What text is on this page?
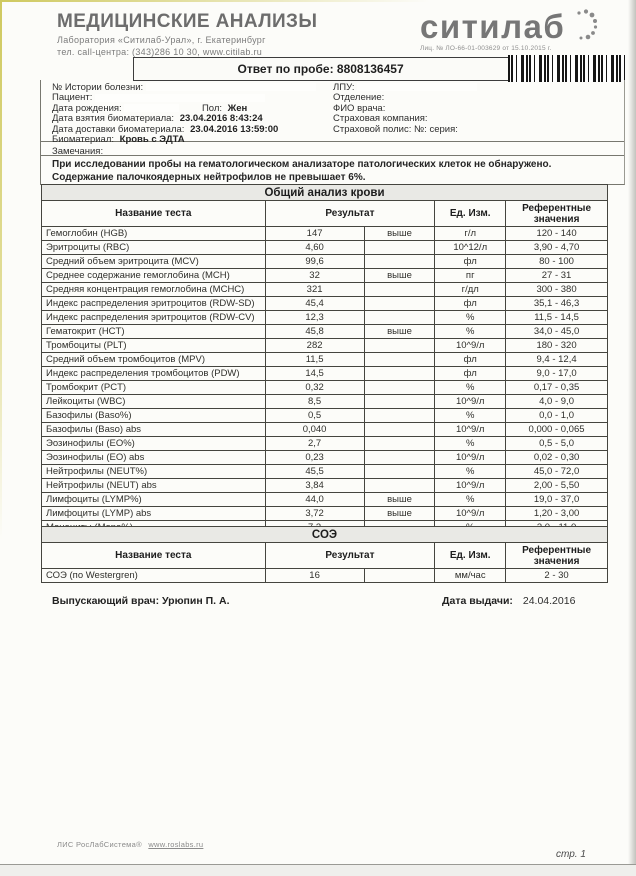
МЕДИЦИНСКИЕ АНАЛИЗЫ
Лаборатория «Ситилаб-Урал», г. Екатеринбург
тел. call-центра: (343)286 10 30, www.citilab.ru
ситилаб
Лиц. № ЛО-66-01-003629 от 15.10.2015 г.
Ответ по пробе: 8808136457
№ Истории болезни:
Пациент:
Дата рождения:	Пол: Жен
Дата взятия биоматериала: 23.04.2016 8:43:24
Дата доставки биоматериала: 23.04.2016 13:59:00
Биоматериал: Кровь с ЭДТА
ЛПУ:
Отделение:
ФИО врача:
Страховая компания:
Страховой полис: №: серия:
Замечания:
При исследовании пробы на гематологическом анализаторе патологических клеток не обнаружено.
Содержание палочкоядерных нейтрофилов не превышает 6%.
Общий анализ крови				
Название теста	Результат		Ед. Изм.	Референтные значения
Гемоглобин (HGB)	147	выше	г/л	120 - 140
Эритроциты (RBC)	4,60		10^12/л	3,90 - 4,70
Средний объем эритроцита (MCV)	99,6		фл	80 - 100
Среднее содержание гемоглобина (MCH)	32	выше	пг	27 - 31
Средняя концентрация гемоглобина (MCHC)	321		г/дл	300 - 380
Индекс распределения эритроцитов (RDW-SD)	45,4		фл	35,1 - 46,3
Индекс распределения эритроцитов (RDW-CV)	12,3		%	11,5 - 14,5
Гематокрит (HCT)	45,8	выше	%	34,0 - 45,0
Тромбоциты (PLT)	282		10^9/л	180 - 320
Средний объем тромбоцитов (MPV)	11,5		фл	9,4 - 12,4
Индекс распределения тромбоцитов (PDW)	14,5		фл	9,0 - 17,0
Тромбокрит (PCT)	0,32		%	0,17 - 0,35
Лейкоциты (WBC)	8,5		10^9/л	4,0 - 9,0
Базофилы (Baso%)	0,5		%	0,0 - 1,0
Базофилы (Baso) abs	0,040		10^9/л	0,000 - 0,065
Эозинофилы (EO%)	2,7		%	0,5 - 5,0
Эозинофилы (EO) abs	0,23		10^9/л	0,02 - 0,30
Нейтрофилы (NEUT%)	45,5		%	45,0 - 72,0
Нейтрофилы (NEUT) abs	3,84		10^9/л	2,00 - 5,50
Лимфоциты (LYMP%)	44,0	выше	%	19,0 - 37,0
Лимфоциты (LYMP) abs	3,72	выше	10^9/л	1,20 - 3,00

СОЭ				
Название теста	Результат		Ед. Изм.	Референтные значения
СОЭ (по Westergren)	16		мм/час	2 - 30
Выпускающий врач: Урюпин П. А.	Дата выдачи: 24.04.2016
ЛИС РосЛабСистема® www.roslabs.ru
стр. 1
